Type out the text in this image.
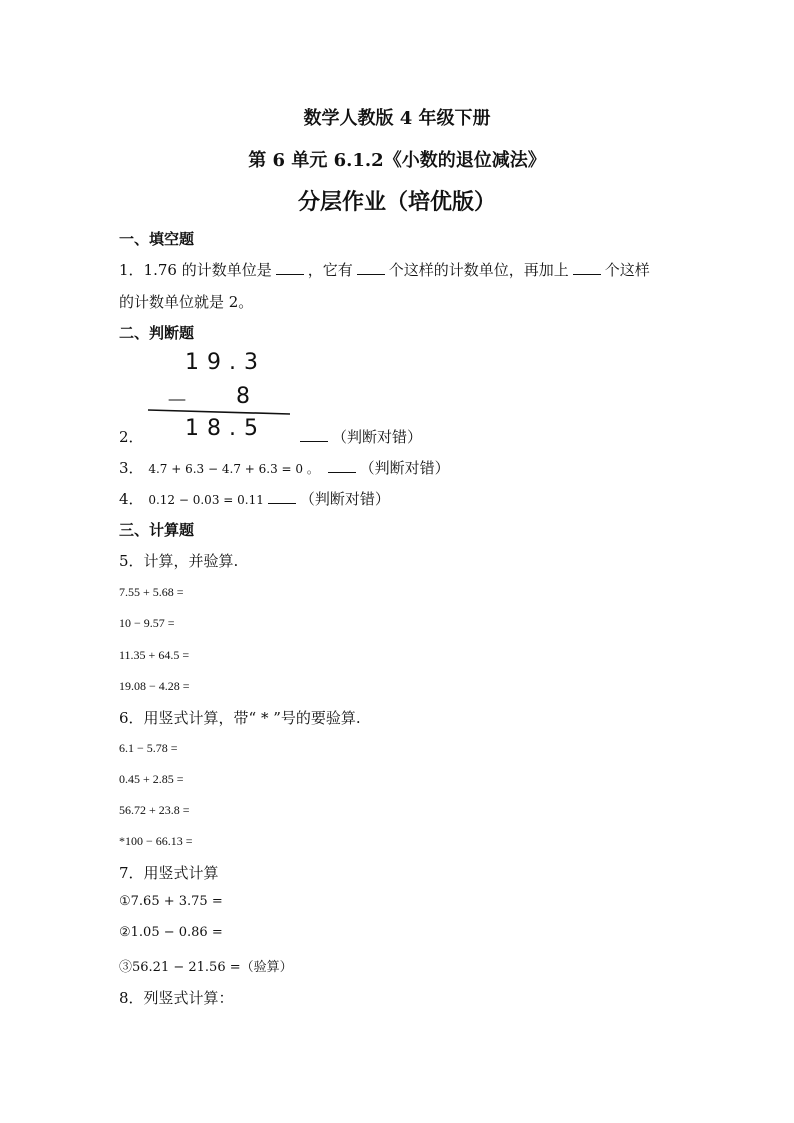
数学人教版 4 年级下册
第 6 单元 6.1.2《小数的退位减法》
分层作业（培优版）
一、填空题
1．1.76 的计数单位是 ，它有 个这样的计数单位，再加上 个这样
的计数单位就是 2。
二、判断题
19.3
－ 8
18.5
2．	（判断对错）
3． 4.7 + 6.3 − 4.7 + 6.3 = 0 。	（判断对错）
4． 0.12 − 0.03 = 0.11 （判断对错）
三、计算题
5．计算，并验算.
7.55 + 5.68 =
10 − 9.57 =
11.35 + 64.5 =
19.08 − 4.28 =
6．用竖式计算，带“ * ”号的要验算.
6.1 − 5.78 =
0.45 + 2.85 =
56.72 + 23.8 =
*100 − 66.13 =
7．用竖式计算
①7.65 + 3.75 =
②1.05 − 0.86 =
③56.21 − 21.56 =（验算）
8．列竖式计算：
